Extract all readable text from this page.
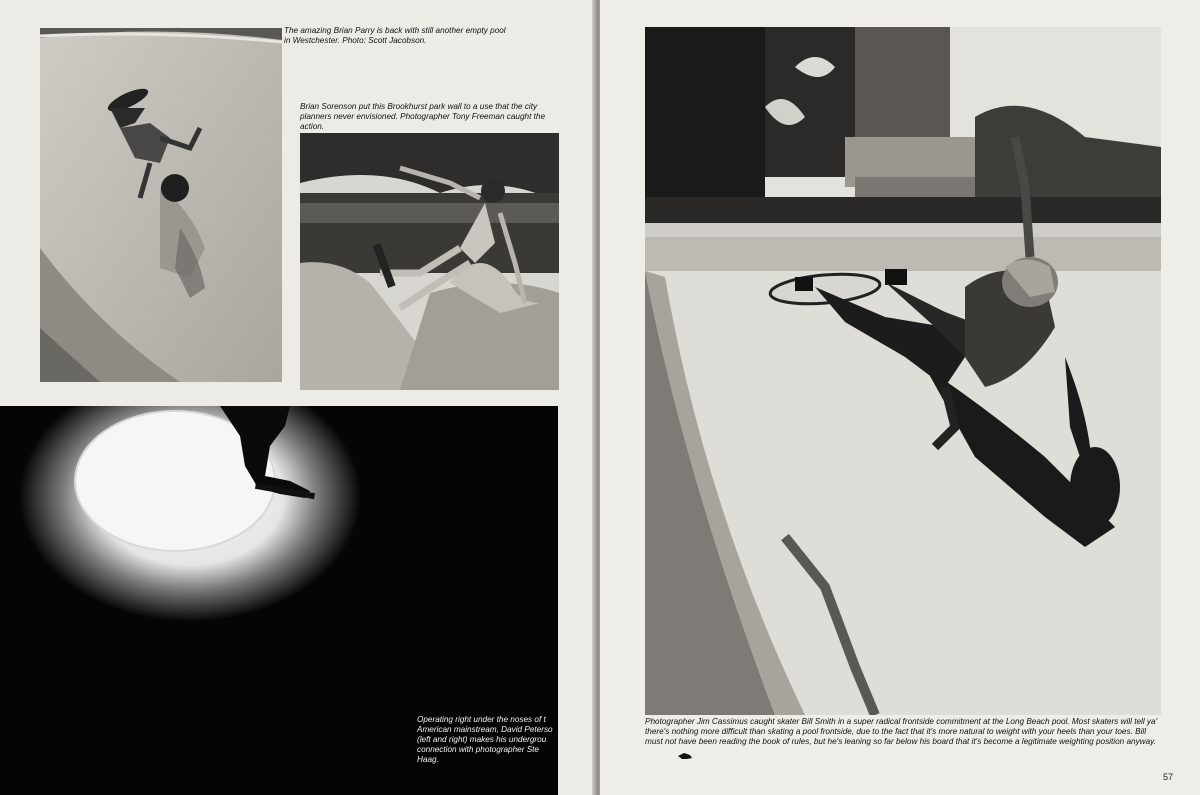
The amazing Brian Parry is back with still another empty pool in Westchester. Photo: Scott Jacobson.

Brian Sorenson put this Brookhurst park wall to a use that the city planners never envisioned. Photographer Tony Freeman caught the action.

Operating right under the noses of t American mainstream, David Peterso (left and right) makes his undergrou connection with photographer Ste Haag.

Photographer Jim Cassimus caught skater Bill Smith in a super radical frontside commitment at the Long Beach pool. Most skaters will tell ya' there's nothing more difficult than skating a pool frontside, due to the fact that it's more natural to weight with your heels than your toes. Bill must not have been reading the book of rules, but he's leaning so far below his board that it's become a legitimate weighting position anyway.

57
